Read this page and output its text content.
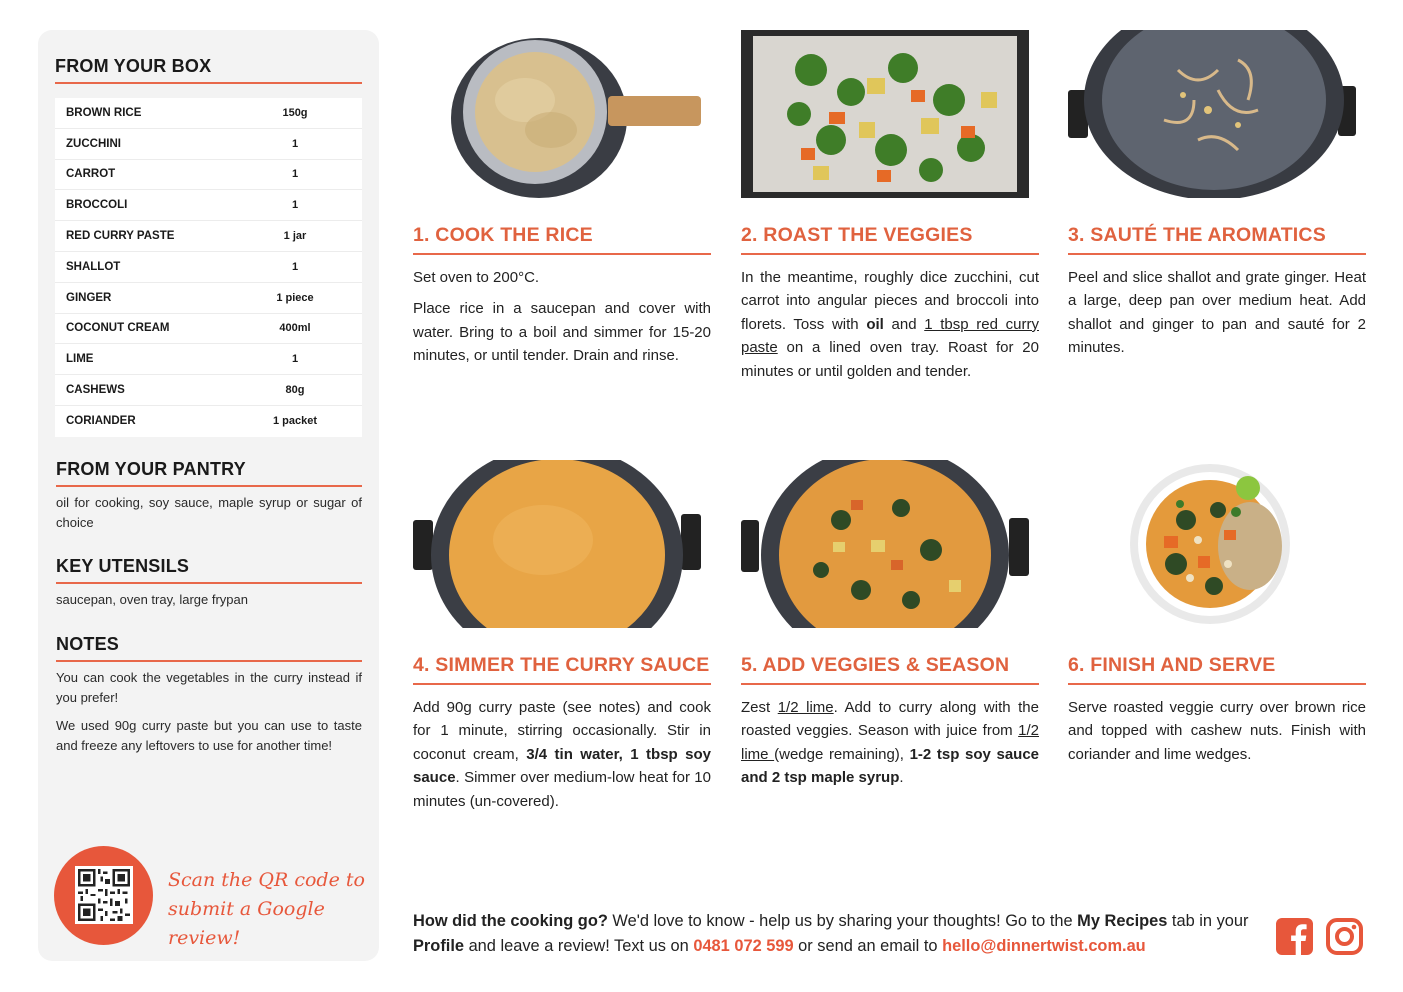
FROM YOUR BOX
BROWN RICE	150g
ZUCCHINI	1
CARROT	1
BROCCOLI	1
RED CURRY PASTE	1 jar
SHALLOT	1
GINGER	1 piece
COCONUT CREAM	400ml
LIME	1
CASHEWS	80g
CORIANDER	1 packet
FROM YOUR PANTRY
oil for cooking, soy sauce, maple syrup or sugar of choice
KEY UTENSILS
saucepan, oven tray, large frypan
NOTES
You can cook the vegetables in the curry instead if you prefer!
We used 90g curry paste but you can use to taste and freeze any leftovers to use for another time!
Scan the QR code to
submit a Google review!
1. COOK THE RICE

Set oven to 200°C.

Place rice in a saucepan and cover with water. Bring to a boil and simmer for 15-20 minutes, or until tender. Drain and rinse.

2. ROAST THE VEGGIES

In the meantime, roughly dice zucchini, cut carrot into angular pieces and broccoli into florets. Toss with oil and 1 tbsp red curry paste on a lined oven tray. Roast for 20 minutes or until golden and tender.

3. SAUTÉ THE AROMATICS

Peel and slice shallot and grate ginger. Heat a large, deep pan over medium heat. Add shallot and ginger to pan and sauté for 2 minutes.

4. SIMMER THE CURRY SAUCE

Add 90g curry paste (see notes) and cook for 1 minute, stirring occasionally. Stir in coconut cream, 3/4 tin water, 1 tbsp soy sauce. Simmer over medium-low heat for 10 minutes (un-covered).

5. ADD VEGGIES & SEASON

Zest 1/2 lime. Add to curry along with the roasted veggies. Season with juice from 1/2 lime (wedge remaining), 1-2 tsp soy sauce and 2 tsp maple syrup.

6. FINISH AND SERVE

Serve roasted veggie curry over brown rice and topped with cashew nuts. Finish with coriander and lime wedges.

How did the cooking go? We'd love to know - help us by sharing your thoughts! Go to the My Recipes tab in your Profile and leave a review! Text us on 0481 072 599 or send an email to hello@dinnertwist.com.au
